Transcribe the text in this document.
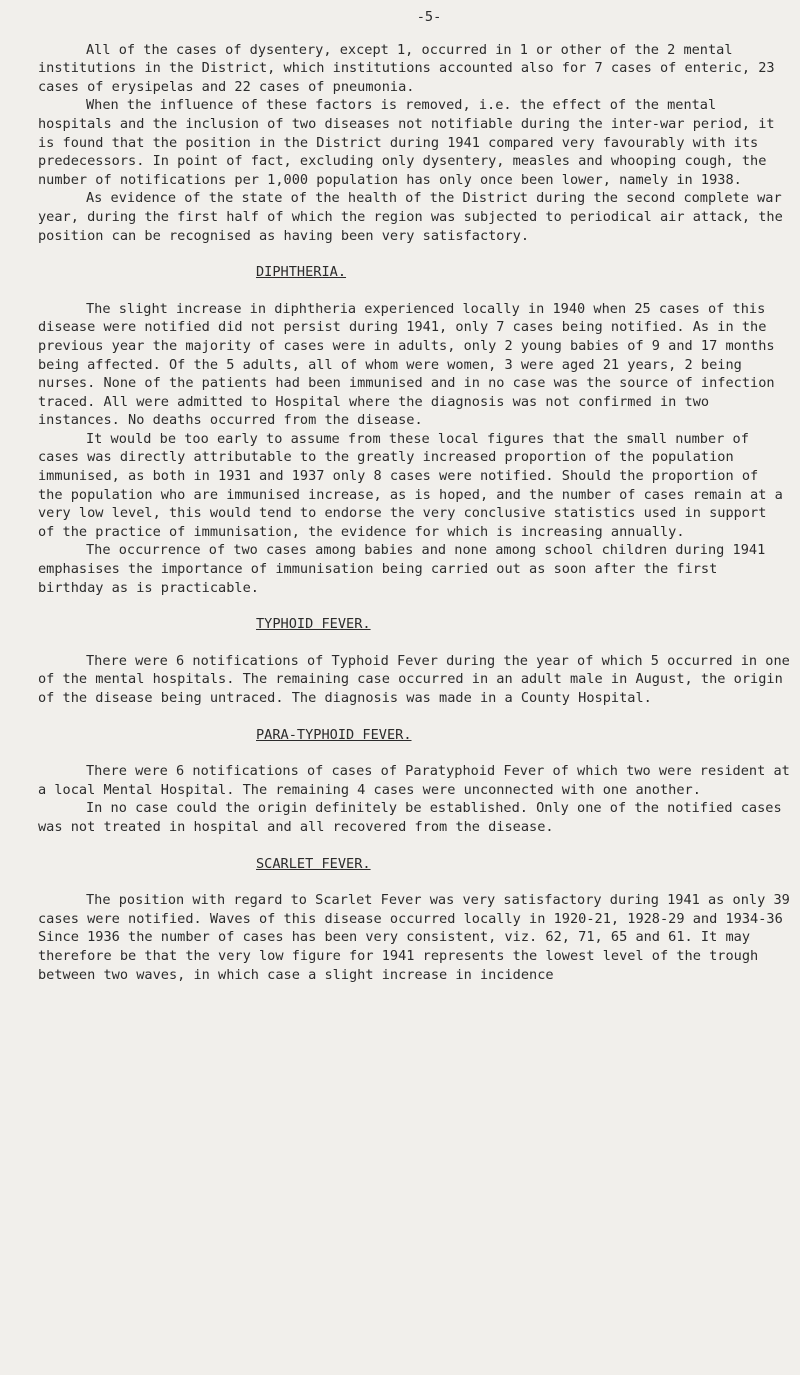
-5-

All of the cases of dysentery, except 1, occurred in 1 or other of the 2 mental institutions in the District, which institutions accounted also for 7 cases of enteric, 23 cases of erysipelas and 22 cases of pneumonia.

When the influence of these factors is removed, i.e. the effect of the mental hospitals and the inclusion of two diseases not notifiable during the inter-war period, it is found that the position in the District during 1941 compared very favourably with its predecessors. In point of fact, excluding only dysentery, measles and whooping cough, the number of notifications per 1,000 population has only once been lower, namely in 1938.

As evidence of the state of the health of the District during the second complete war year, during the first half of which the region was subjected to periodical air attack, the position can be recognised as having been very satisfactory.

DIPHTHERIA.

The slight increase in diphtheria experienced locally in 1940 when 25 cases of this disease were notified did not persist during 1941, only 7 cases being notified. As in the previous year the majority of cases were in adults, only 2 young babies of 9 and 17 months being affected. Of the 5 adults, all of whom were women, 3 were aged 21 years, 2 being nurses. None of the patients had been immunised and in no case was the source of infection traced. All were admitted to Hospital where the diagnosis was not confirmed in two instances. No deaths occurred from the disease.

It would be too early to assume from these local figures that the small number of cases was directly attributable to the greatly increased proportion of the population immunised, as both in 1931 and 1937 only 8 cases were notified. Should the proportion of the population who are immunised increase, as is hoped, and the number of cases remain at a very low level, this would tend to endorse the very conclusive statistics used in support of the practice of immunisation, the evidence for which is increasing annually.

The occurrence of two cases among babies and none among school children during 1941 emphasises the importance of immunisation being carried out as soon after the first birthday as is practicable.

TYPHOID FEVER.

There were 6 notifications of Typhoid Fever during the year of which 5 occurred in one of the mental hospitals. The remaining case occurred in an adult male in August, the origin of the disease being untraced. The diagnosis was made in a County Hospital.

PARA-TYPHOID FEVER.

There were 6 notifications of cases of Paratyphoid Fever of which two were resident at a local Mental Hospital. The remaining 4 cases were unconnected with one another.

In no case could the origin definitely be established. Only one of the notified cases was not treated in hospital and all recovered from the disease.

SCARLET FEVER.

The position with regard to Scarlet Fever was very satisfactory during 1941 as only 39 cases were notified. Waves of this disease occurred locally in 1920-21, 1928-29 and 1934-36 Since 1936 the number of cases has been very consistent, viz. 62, 71, 65 and 61. It may therefore be that the very low figure for 1941 represents the lowest level of the trough between two waves, in which case a slight increase in incidence
